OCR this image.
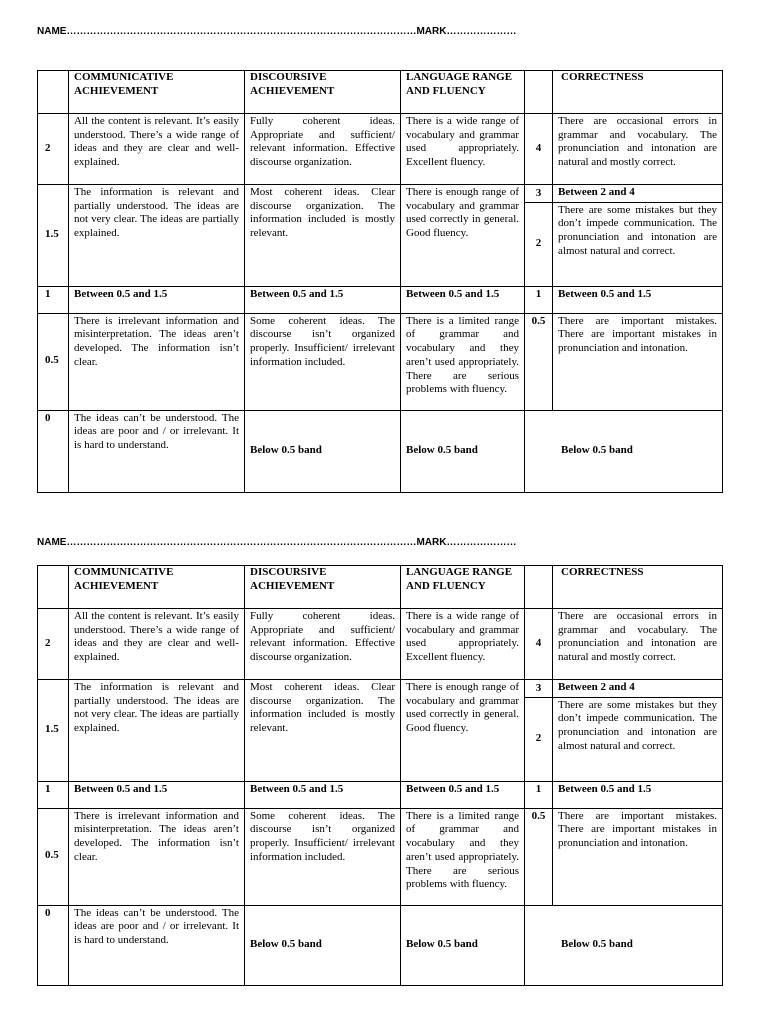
NAME……………………………………………………………………………………………MARK…………………
	COMMUNICATIVE ACHIEVEMENT	DISCOURSIVE ACHIEVEMENT	LANGUAGE RANGE AND FLUENCY		CORRECTNESS
2	All the content is relevant. It’s easily understood. There’s a wide range of ideas and they are clear and well-explained.	Fully coherent ideas. Appropriate and sufficient/ relevant information. Effective discourse organization.	There is a wide range of vocabulary and grammar used appropriately. Excellent fluency.	4	There are occasional errors in grammar and vocabulary. The pronunciation and intonation are natural and mostly correct.
1.5	The information is relevant and partially understood. The ideas are not very clear. The ideas are partially explained.	Most coherent ideas. Clear discourse organization. The information included is mostly relevant.	There is enough range of vocabulary and grammar used correctly in general. Good fluency.	3	Between 2 and 4
				2	There are some mistakes but they don’t impede communication. The pronunciation and intonation are almost natural and correct.
1	Between 0.5 and 1.5	Between 0.5 and 1.5	Between 0.5 and 1.5	1	Between 0.5 and 1.5
0.5	There is irrelevant information and misinterpretation. The ideas aren’t developed. The information isn’t clear.	Some coherent ideas. The discourse isn’t organized properly. Insufficient/ irrelevant information included.	There is a limited range of grammar and vocabulary and they aren’t used appropriately. There are serious problems with fluency.	0.5	There are important mistakes. There are important mistakes in pronunciation and intonation.
0	The ideas can’t be understood. The ideas are poor and / or irrelevant. It is hard to understand.	Below 0.5 band	Below 0.5 band	Below 0.5 band	
NAME……………………………………………………………………………………………MARK…………………
	COMMUNICATIVE ACHIEVEMENT	DISCOURSIVE ACHIEVEMENT	LANGUAGE RANGE AND FLUENCY		CORRECTNESS
2	All the content is relevant. It’s easily understood. There’s a wide range of ideas and they are clear and well-explained.	Fully coherent ideas. Appropriate and sufficient/ relevant information. Effective discourse organization.	There is a wide range of vocabulary and grammar used appropriately. Excellent fluency.	4	There are occasional errors in grammar and vocabulary. The pronunciation and intonation are natural and mostly correct.
1.5	The information is relevant and partially understood. The ideas are not very clear. The ideas are partially explained.	Most coherent ideas. Clear discourse organization. The information included is mostly relevant.	There is enough range of vocabulary and grammar used correctly in general. Good fluency.	3	Between 2 and 4
				2	There are some mistakes but they don’t impede communication. The pronunciation and intonation are almost natural and correct.
1	Between 0.5 and 1.5	Between 0.5 and 1.5	Between 0.5 and 1.5	1	Between 0.5 and 1.5
0.5	There is irrelevant information and misinterpretation. The ideas aren’t developed. The information isn’t clear.	Some coherent ideas. The discourse isn’t organized properly. Insufficient/ irrelevant information included.	There is a limited range of grammar and vocabulary and they aren’t used appropriately. There are serious problems with fluency.	0.5	There are important mistakes. There are important mistakes in pronunciation and intonation.
0	The ideas can’t be understood. The ideas are poor and / or irrelevant. It is hard to understand.	Below 0.5 band	Below 0.5 band	Below 0.5 band	
